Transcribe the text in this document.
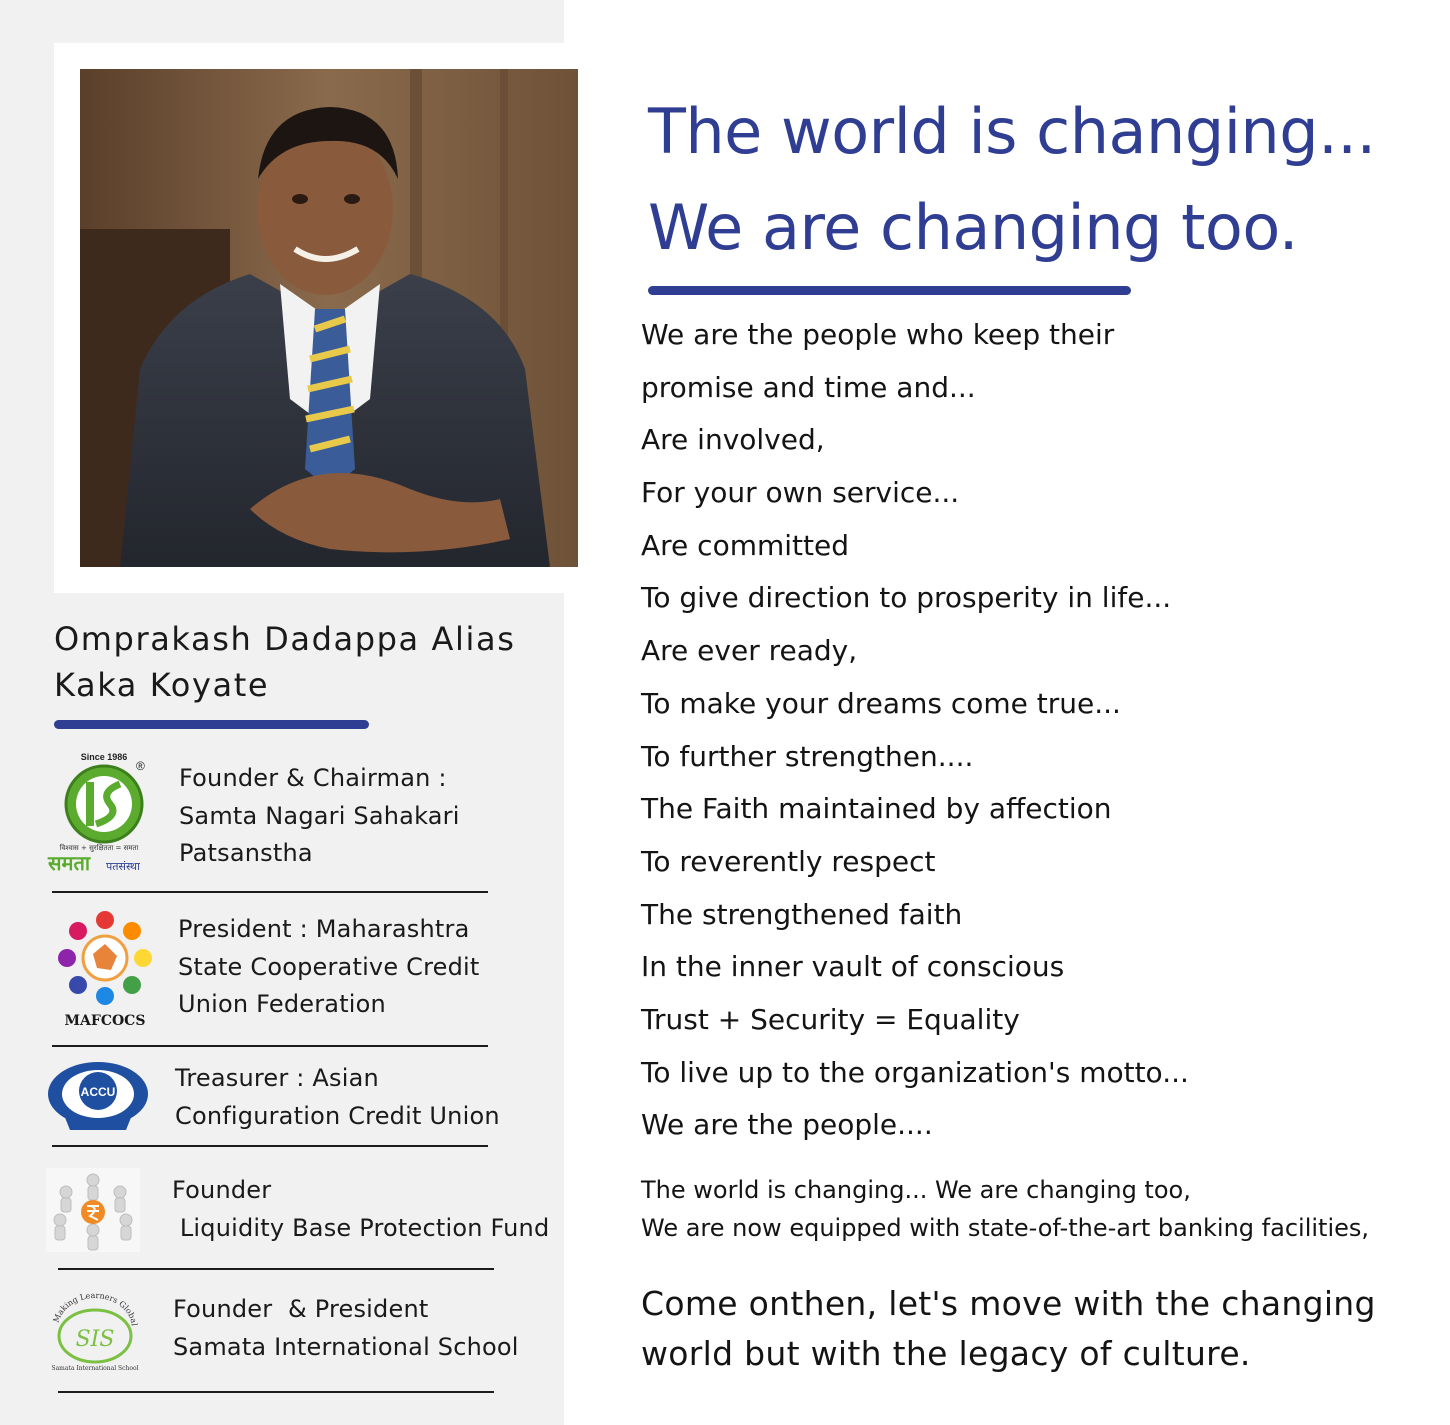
Omprakash Dadappa Alias
Kaka Koyate
Since 1986
®
विश्वास + सुरक्षितता = समता
समता पतसंस्था
Founder & Chairman :
Samta Nagari Sahakari
Patsanstha
MAFCOCS
President : Maharashtra
State Cooperative Credit
Union Federation
ACCU Treasurer : Asian
Configuration Credit Union
Founder
Liquidity Base Protection Fund
Making Learners Global
SIS
Samata International School
Founder  & President
Samata International School
The world is changing...
We are changing too.
We are the people who keep their
promise and time and...
Are involved,
For your own service...
Are committed
To give direction to prosperity in life...
Are ever ready,
To make your dreams come true...
To further strengthen....
The Faith maintained by affection
To reverently respect
The strengthened faith
In the inner vault of conscious
Trust + Security = Equality
To live up to the organization's motto...
We are the people....
The world is changing... We are changing too,
We are now equipped with state-of-the-art banking facilities,
Come onthen, let's move with the changing
world but with the legacy of culture.
